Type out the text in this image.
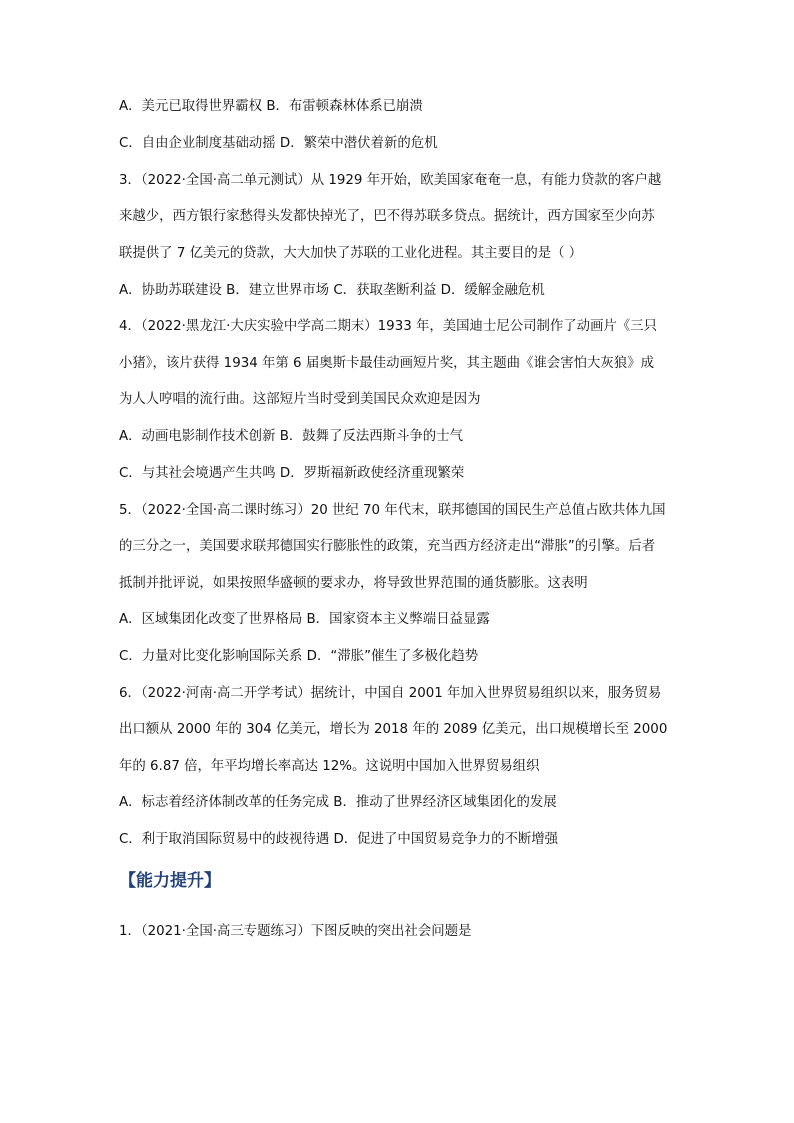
A．美元已取得世界霸权 B．布雷顿森林体系已崩溃
C．自由企业制度基础动摇 D．繁荣中潜伏着新的危机
3．（2022·全国·高二单元测试）从 1929 年开始，欧美国家奄奄一息，有能力贷款的客户越
来越少，西方银行家愁得头发都快掉光了，巴不得苏联多贷点。据统计，西方国家至少向苏
联提供了 7 亿美元的贷款，大大加快了苏联的工业化进程。其主要目的是（ ）
A．协助苏联建设 B．建立世界市场 C．获取垄断利益 D．缓解金融危机
4．（2022·黑龙江·大庆实验中学高二期末）1933 年，美国迪士尼公司制作了动画片《三只
小猪》，该片获得 1934 年第 6 届奥斯卡最佳动画短片奖，其主题曲《谁会害怕大灰狼》成
为人人哼唱的流行曲。这部短片当时受到美国民众欢迎是因为
A．动画电影制作技术创新 B．鼓舞了反法西斯斗争的士气
C．与其社会境遇产生共鸣 D．罗斯福新政使经济重现繁荣
5．（2022·全国·高二课时练习）20 世纪 70 年代末，联邦德国的国民生产总值占欧共体九国
的三分之一，美国要求联邦德国实行膨胀性的政策，充当西方经济走出“滞胀”的引擎。后者
抵制并批评说，如果按照华盛顿的要求办，将导致世界范围的通货膨胀。这表明
A．区域集团化改变了世界格局 B．国家资本主义弊端日益显露
C．力量对比变化影响国际关系 D．“滞胀”催生了多极化趋势
6．（2022·河南·高二开学考试）据统计，中国自 2001 年加入世界贸易组织以来，服务贸易
出口额从 2000 年的 304 亿美元，增长为 2018 年的 2089 亿美元，出口规模增长至 2000
年的 6.87 倍，年平均增长率高达 12%。这说明中国加入世界贸易组织
A．标志着经济体制改革的任务完成 B．推动了世界经济区域集团化的发展
C．利于取消国际贸易中的歧视待遇 D．促进了中国贸易竞争力的不断增强
【能力提升】
1．（2021·全国·高三专题练习）下图反映的突出社会问题是
